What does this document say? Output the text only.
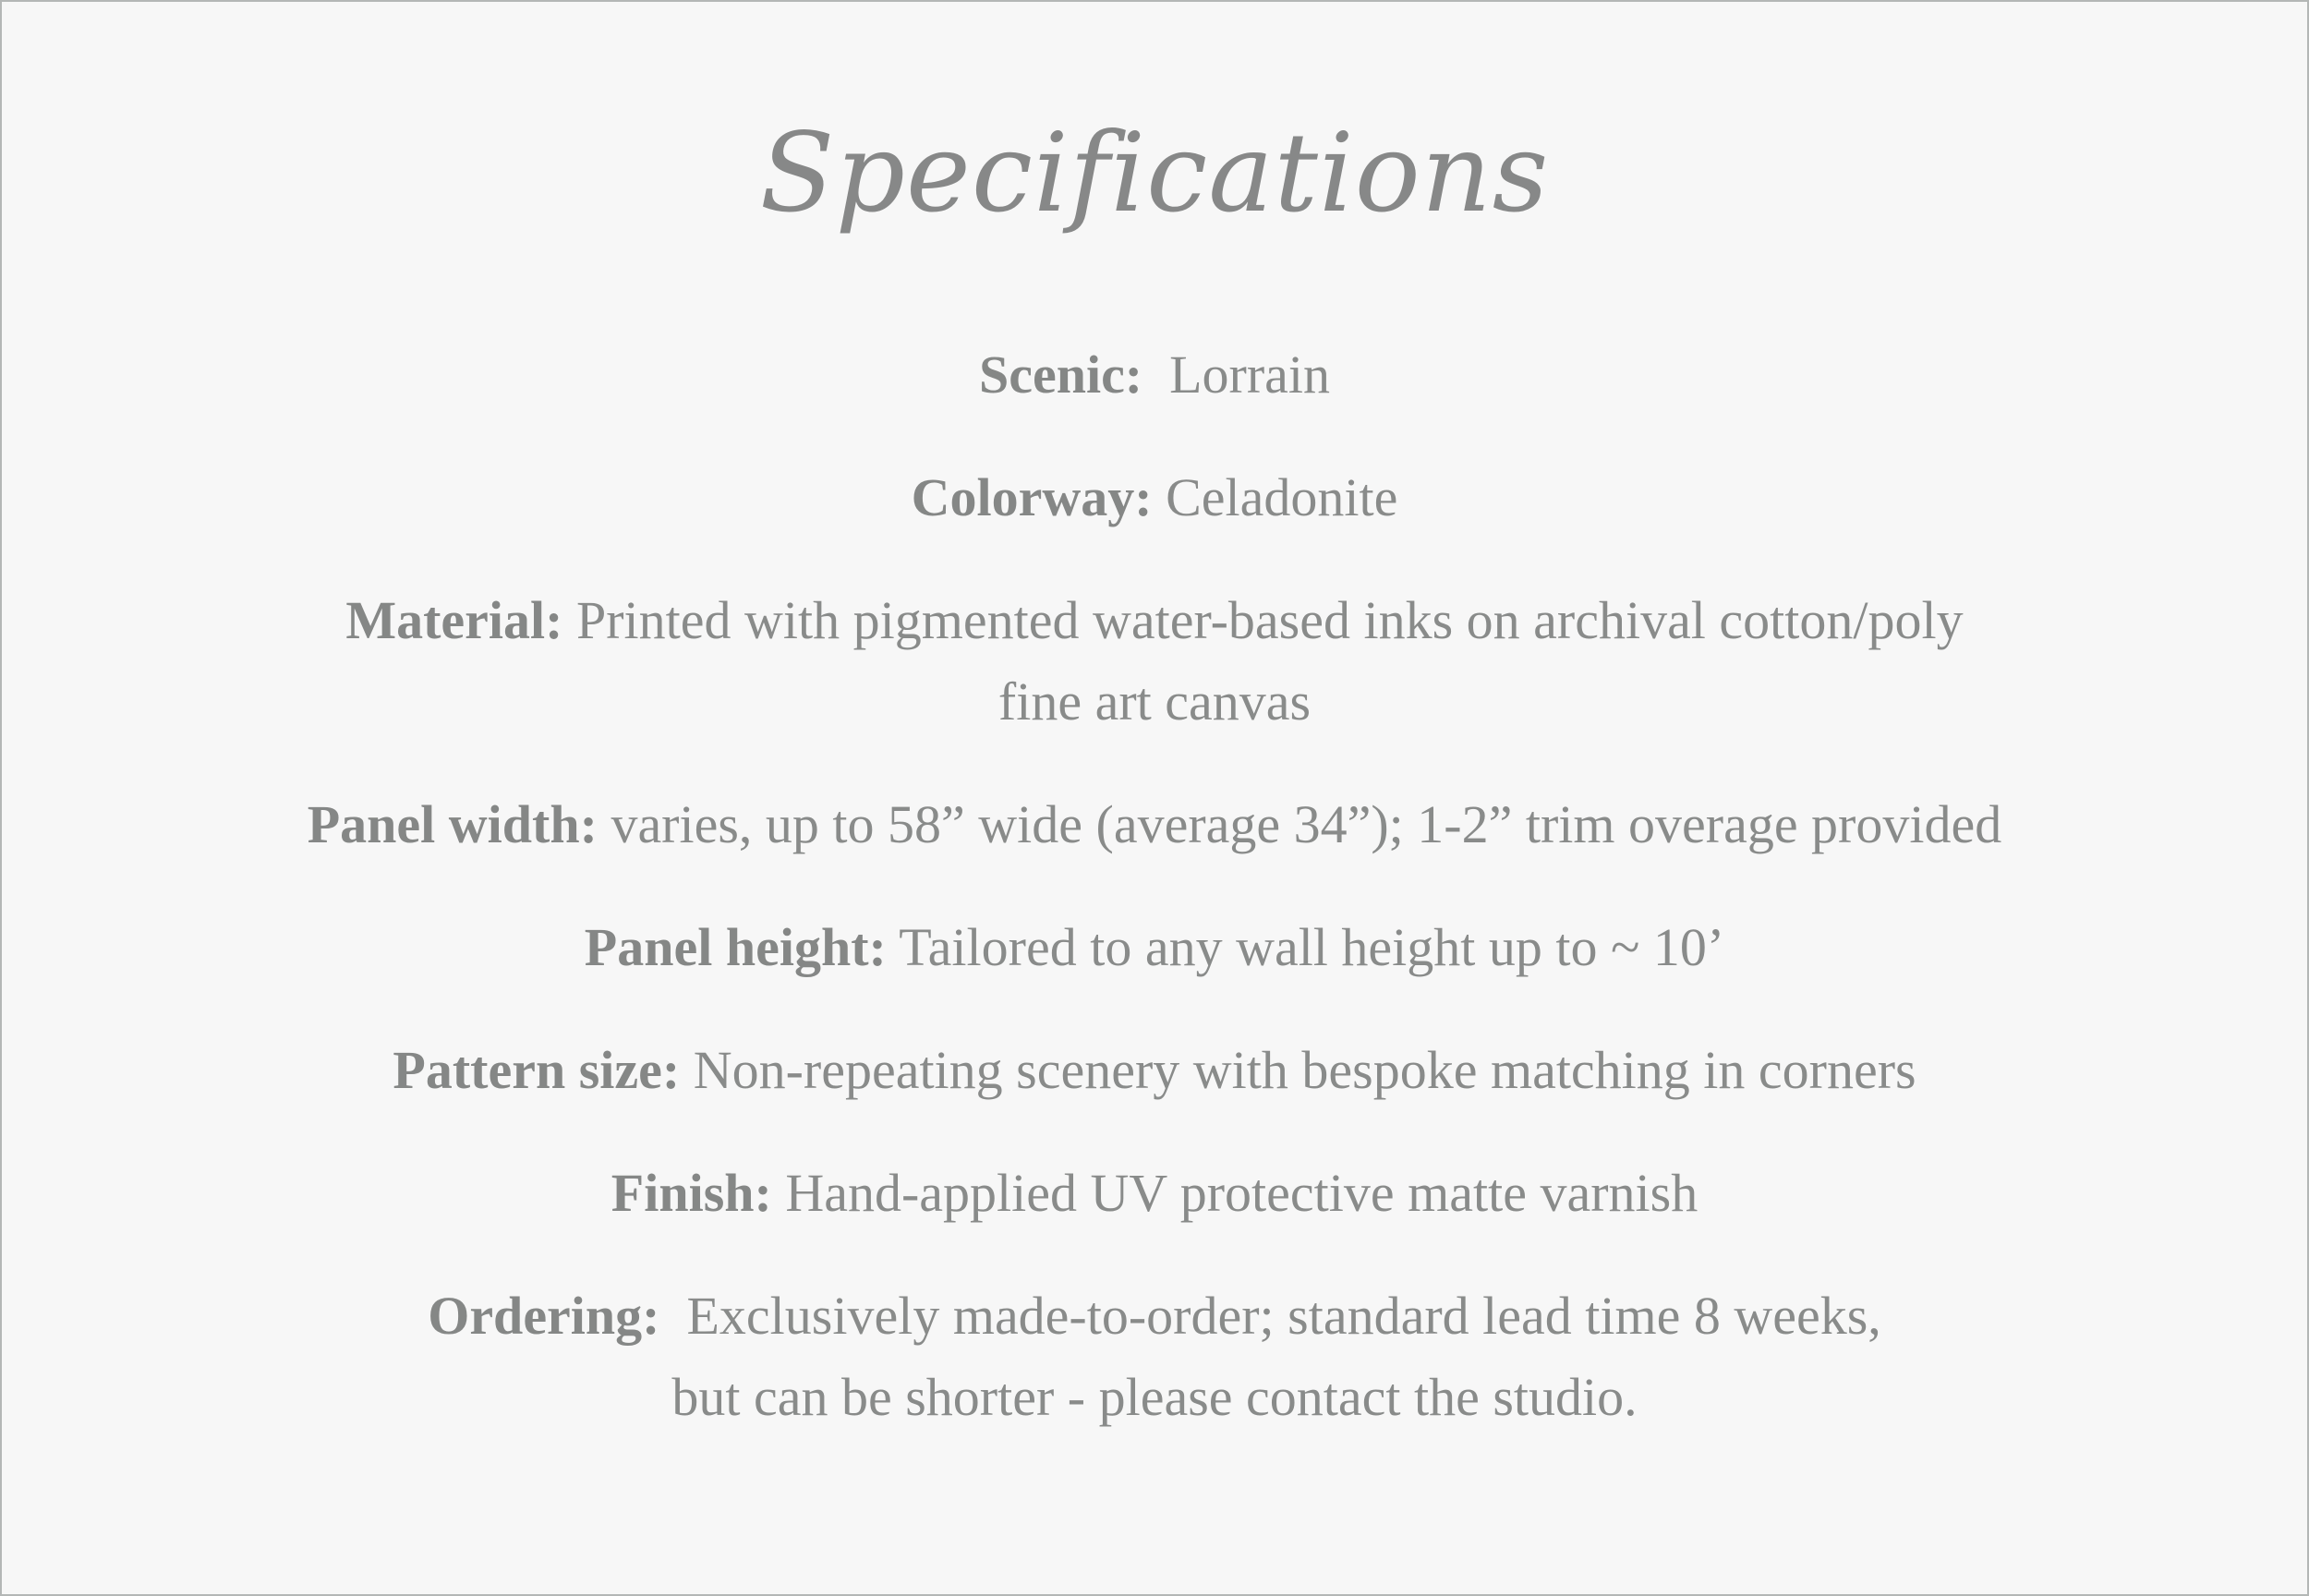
Specifications
Scenic: Lorrain
Colorway: Celadonite
Material: Printed with pigmented water-based inks on archival cotton/poly
fine art canvas
Panel width: varies, up to 58” wide (average 34”); 1-2” trim overage provided
Panel height: Tailored to any wall height up to ~ 10’
Pattern size: Non-repeating scenery with bespoke matching in corners
Finish: Hand-applied UV protective matte varnish
Ordering: Exclusively made-to-order; standard lead time 8 weeks,
but can be shorter - please contact the studio.
